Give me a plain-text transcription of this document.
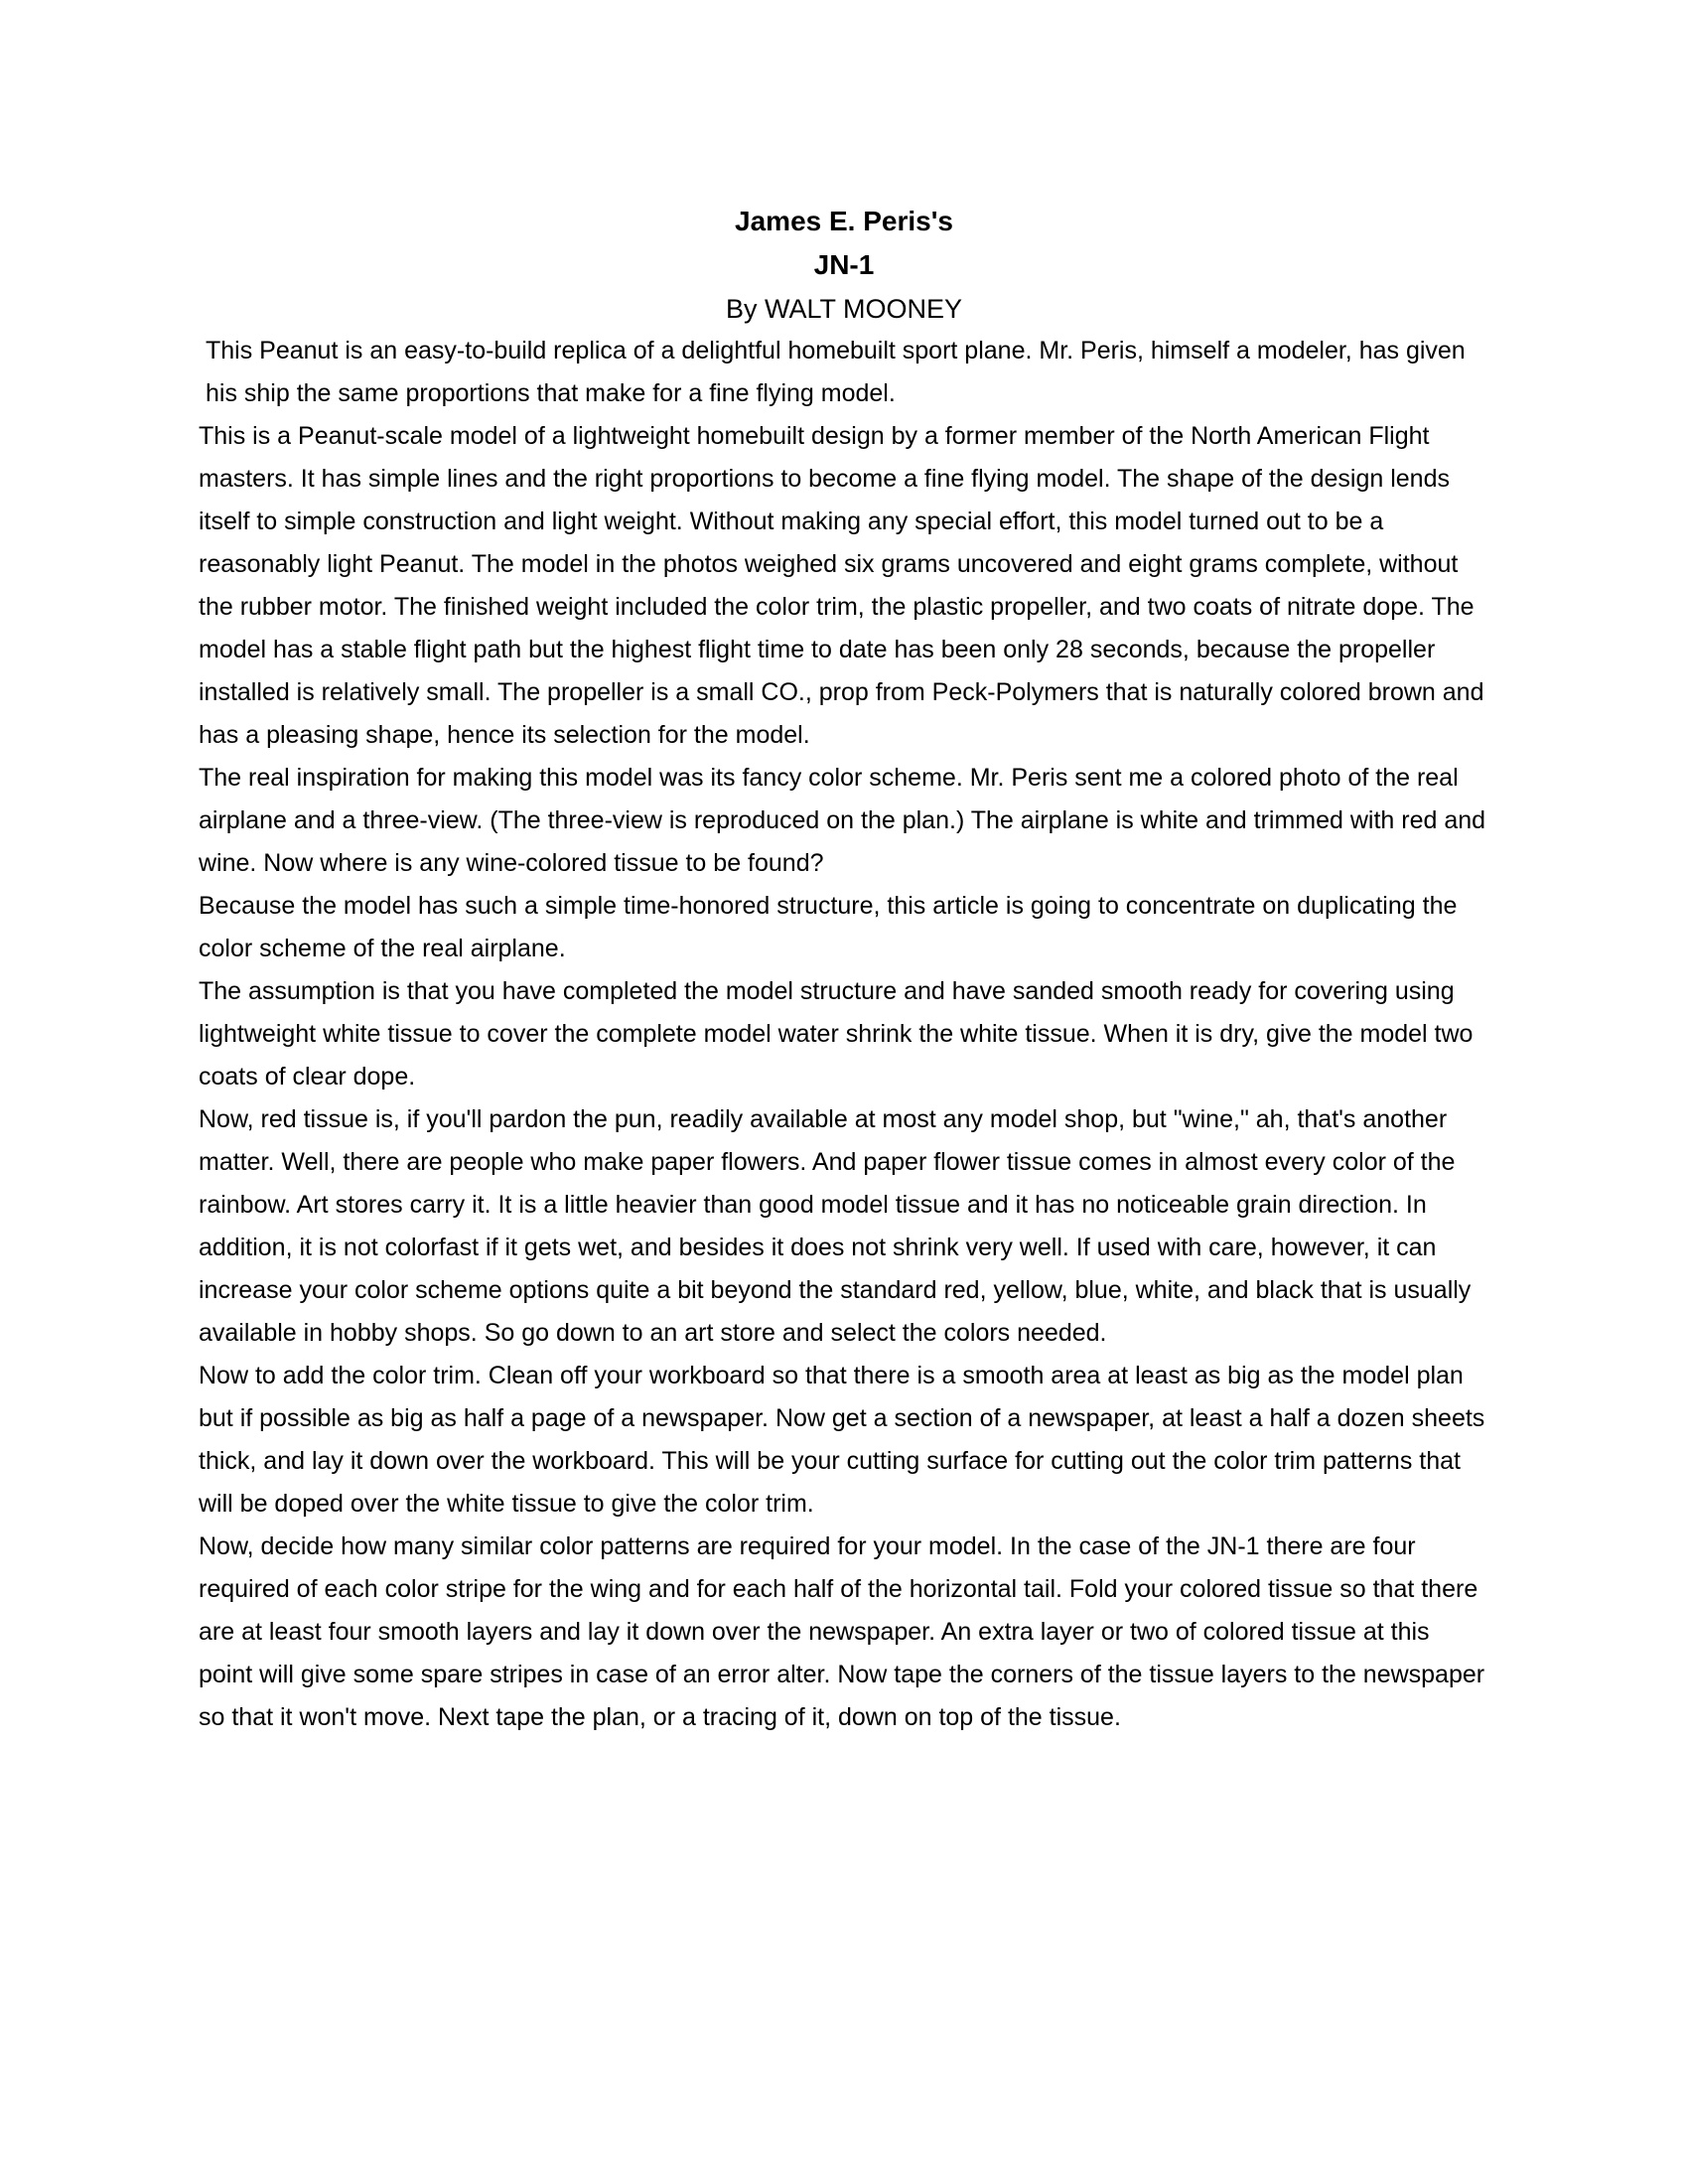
James E. Peris's
JN-1
By WALT MOONEY

This Peanut is an easy-to-build replica of a delightful homebuilt sport plane. Mr. Peris, himself a modeler, has given his ship the same proportions that make for a fine flying model.

This is a Peanut-scale model of a lightweight homebuilt design by a former member of the North American Flight masters. It has simple lines and the right proportions to become a fine flying model. The shape of the design lends itself to simple construction and light weight. Without making any special effort, this model turned out to be a reasonably light Peanut. The model in the photos weighed six grams uncovered and eight grams complete, without the rubber motor. The finished weight included the color trim, the plastic propeller, and two coats of nitrate dope. The model has a stable flight path but the highest flight time to date has been only 28 seconds, because the propeller installed is relatively small. The propeller is a small CO., prop from Peck-Polymers that is naturally colored brown and has a pleasing shape, hence its selection for the model.

The real inspiration for making this model was its fancy color scheme. Mr. Peris sent me a colored photo of the real airplane and a three-view. (The three-view is reproduced on the plan.) The airplane is white and trimmed with red and wine. Now where is any wine-colored tissue to be found?

Because the model has such a simple time-honored structure, this article is going to concentrate on duplicating the color scheme of the real airplane.

The assumption is that you have completed the model structure and have sanded smooth ready for covering using lightweight white tissue to cover the complete model water shrink the white tissue. When it is dry, give the model two coats of clear dope.

Now, red tissue is, if you'll pardon the pun, readily available at most any model shop, but "wine," ah, that's another matter. Well, there are people who make paper flowers. And paper flower tissue comes in almost every color of the rainbow. Art stores carry it. It is a little heavier than good model tissue and it has no noticeable grain direction. In addition, it is not colorfast if it gets wet, and besides it does not shrink very well. If used with care, however, it can increase your color scheme options quite a bit beyond the standard red, yellow, blue, white, and black that is usually available in hobby shops. So go down to an art store and select the colors needed.

Now to add the color trim. Clean off your workboard so that there is a smooth area at least as big as the model plan but if possible as big as half a page of a newspaper. Now get a section of a newspaper, at least a half a dozen sheets thick, and lay it down over the workboard. This will be your cutting surface for cutting out the color trim patterns that will be doped over the white tissue to give the color trim.

Now, decide how many similar color patterns are required for your model. In the case of the JN-1 there are four required of each color stripe for the wing and for each half of the horizontal tail. Fold your colored tissue so that there are at least four smooth layers and lay it down over the newspaper. An extra layer or two of colored tissue at this point will give some spare stripes in case of an error alter. Now tape the corners of the tissue layers to the newspaper so that it won't move. Next tape the plan, or a tracing of it, down on top of the tissue.
